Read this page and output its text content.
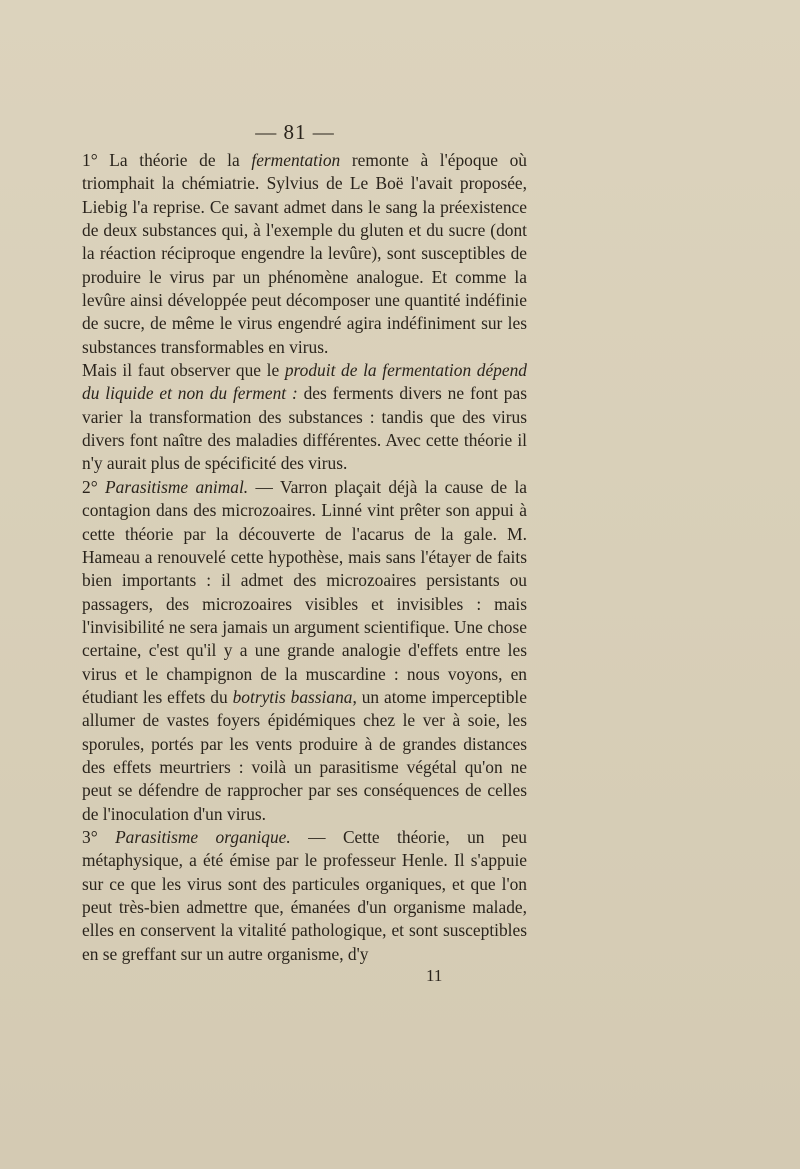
— 81 —

1° La théorie de la fermentation remonte à l'époque où triomphait la chémiatrie. Sylvius de Le Boë l'avait proposée, Liebig l'a reprise. Ce savant admet dans le sang la préexistence de deux substances qui, à l'exemple du gluten et du sucre (dont la réaction réciproque engendre la levûre), sont susceptibles de produire le virus par un phénomène analogue. Et comme la levûre ainsi développée peut décomposer une quantité indéfinie de sucre, de même le virus engendré agira indéfiniment sur les substances transformables en virus.

Mais il faut observer que le produit de la fermentation dépend du liquide et non du ferment : des ferments divers ne font pas varier la transformation des substances : tandis que des virus divers font naître des maladies différentes. Avec cette théorie il n'y aurait plus de spécificité des virus.

2° Parasitisme animal. — Varron plaçait déjà la cause de la contagion dans des microzoaires. Linné vint prêter son appui à cette théorie par la découverte de l'acarus de la gale. M. Hameau a renouvelé cette hypothèse, mais sans l'étayer de faits bien importants : il admet des microzoaires persistants ou passagers, des microzoaires visibles et invisibles : mais l'invisibilité ne sera jamais un argument scientifique. Une chose certaine, c'est qu'il y a une grande analogie d'effets entre les virus et le champignon de la muscardine : nous voyons, en étudiant les effets du botrytis bassiana, un atome imperceptible allumer de vastes foyers épidémiques chez le ver à soie, les sporules, portés par les vents produire à de grandes distances des effets meurtriers : voilà un parasitisme végétal qu'on ne peut se défendre de rapprocher par ses conséquences de celles de l'inoculation d'un virus.

3° Parasitisme organique. — Cette théorie, un peu métaphysique, a été émise par le professeur Henle. Il s'appuie sur ce que les virus sont des particules organiques, et que l'on peut très-bien admettre que, émanées d'un organisme malade, elles en conservent la vitalité pathologique, et sont susceptibles en se greffant sur un autre organisme, d'y

11
